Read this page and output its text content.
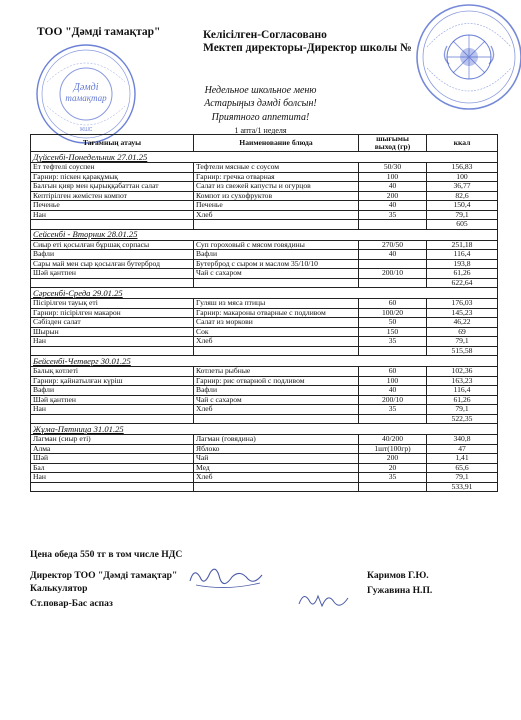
ТОО "Дәмді тамақтар"	Келісілген-Согласовано
Мектеп директоры-Директор школы №
Дәмді
тамақтар
ЖШС
Недельное школьное меню
Астарыңыз дәмді болсын!
Приятного аппетита!
1 апта/1 неделя
Тағамның атауы	Наименование блюда	шығымы
выход (гр)	ккал
Дүйсенбі-Понедельник 27.01.25			
Ет тефтелі соуспен	Тефтели мясные с соусом	50/30	156,83
Гарнир: піскен қарақұмық	Гарнир: гречка отварная	100	100
Балғын қияр мен қырыққабаттан салат	Салат из свежей капусты и огурцов	40	36,77
Кептірілген жемістен компот	Компот из сухофруктов	200	82,6
Печенье	Печенье	40	150,4
Нан	Хлеб	35	79,1
			605
Сейсенбі - Вторник 28.01.25			
Сиыр еті қосылған бұршақ сорпасы	Суп гороховый с мясом говядины	270/50	251,18
Вафли	Вафли	40	116,4
Сары май мен сыр қосылған бутерброд	Бутерброд с сыром и маслом 35/10/10		193,8
Шәй қантпен	Чай с сахаром	200/10	61,26
			622,64
Сәрсенбі-Среда 29.01.25			
Пісірілген тауық еті	Гуляш из мяса птицы	60	176,03
Гарнир: пісірілген макарон	Гарнир: макароны отварные с подливом	100/20	145,23
Сәбізден салат	Салат из моркови	50	46,22
Шырын	Сок	150	69
Нан	Хлеб	35	79,1
			515,58
Бейсенбі-Четверг 30.01.25			
Балық котлеті	Котлеты рыбные	60	102,36
Гарнир: қайнатылған күріш	Гарнир: рис отварной с подливом	100	163,23
Вафли	Вафли	40	116,4
Шәй қантпен	Чай с сахаром	200/10	61,26
Нан	Хлеб	35	79,1
			522,35
Жұма-Пятница 31.01.25			
Лагман (сиыр еті)	Лагман (говядина)	40/200	340,8
Алма	Яблоко	1шт(100гр)	47
Шәй	Чай	200	1,41
Бал	Мед	20	65,6
Нан	Хлеб	35	79,1
			533,91
Цена обеда 550 тг в том числе НДС
Директор ТОО "Дәмді тамақтар"	Каримов Г.Ю.
Калькулятор	Гужавина Н.П.
Ст.повар-Бас аспаз
